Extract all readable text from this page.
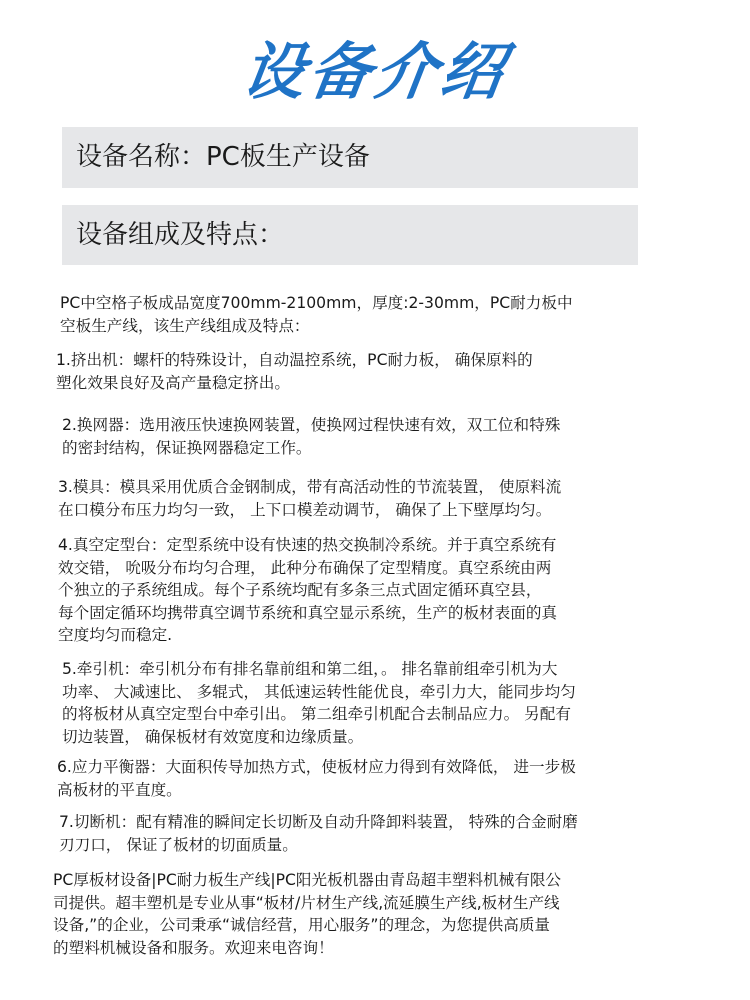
设备介绍
设备名称：PC板生产设备
设备组成及特点：
PC中空格子板成品宽度700mm-2100mm，厚度:2-30mm，PC耐力板中
空板生产线，该生产线组成及特点：
1.挤出机：螺杆的特殊设计，自动温控系统，PC耐力板， 确保原料的
塑化效果良好及高产量稳定挤出。
2.换网器：选用液压快速换网装置，使换网过程快速有效，双工位和特殊
的密封结构，保证换网器稳定工作。
3.模具：模具采用优质合金钢制成，带有高活动性的节流装置， 使原料流
在口模分布压力均匀一致， 上下口模差动调节， 确保了上下壁厚均匀。
4.真空定型台：定型系统中设有快速的热交换制冷系统。并于真空系统有
效交错， 吮吸分布均匀合理， 此种分布确保了定型精度。真空系统由两
个独立的子系统组成。每个子系统均配有多条三点式固定循环真空县，
每个固定循环均携带真空调节系统和真空显示系统，生产的板材表面的真
空度均匀而稳定.
5.牵引机：牵引机分布有排名靠前组和第二组，。 排名靠前组牵引机为大
功率、 大减速比、 多辊式， 其低速运转性能优良，牵引力大，能同步均匀
的将板材从真空定型台中牵引出。 第二组牵引机配合去制品应力。 另配有
切边装置， 确保板材有效宽度和边缘质量。
6.应力平衡器：大面积传导加热方式，使板材应力得到有效降低， 进一步极
高板材的平直度。
7.切断机：配有精准的瞬间定长切断及自动升降卸料装置， 特殊的合金耐磨
刃刀口， 保证了板材的切面质量。
PC厚板材设备|PC耐力板生产线|PC阳光板机器由青岛超丰塑料机械有限公
司提供。超丰塑机是专业从事“板材/片材生产线,流延膜生产线,板材生产线
设备,”的企业，公司秉承“诚信经营，用心服务”的理念，为您提供高质量
的塑料机械设备和服务。欢迎来电咨询！
